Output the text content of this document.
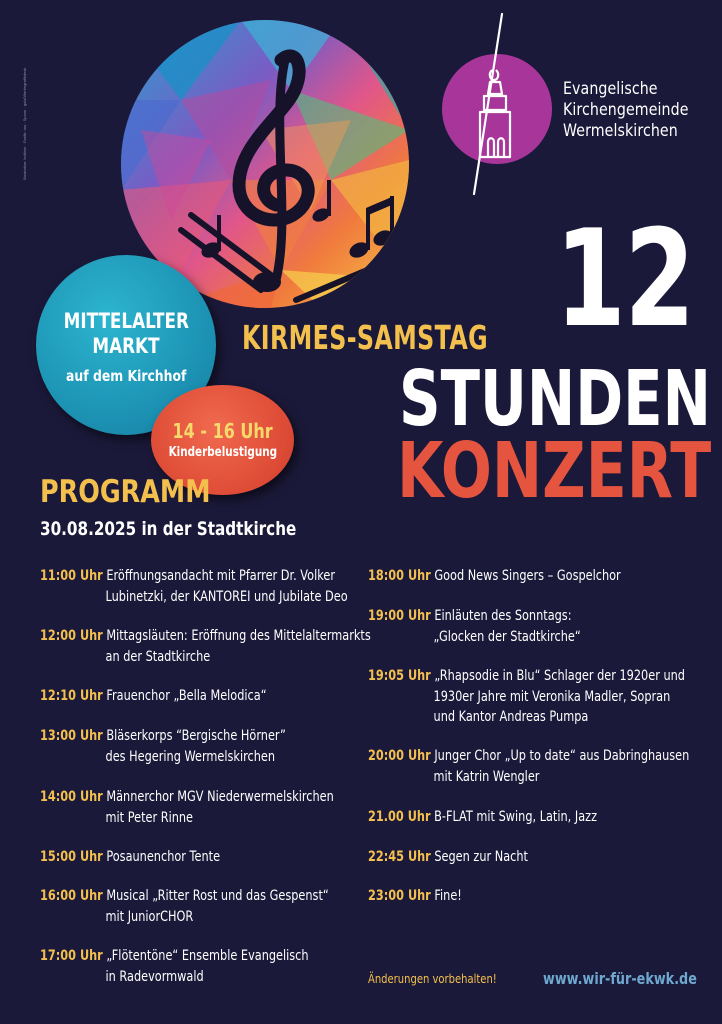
Illustration: kolibiro · Grafik: mu · Spoon · gold/Werbegrafikdesk	Evangelische
Kirchengemeinde
Wermelskirchen
12
KIRMES-SAMSTAG
STUNDEN
KONZERT
MITTELALTER
MARKT
auf dem Kirchhof
14 - 16 Uhr
Kinderbelustigung
PROGRAMM
30.08.2025 in der Stadtkirche
11:00 Uhr Eröffnungsandacht mit Pfarrer Dr. Volker
Lubinetzki, der KANTOREI und Jubilate Deo
12:00 Uhr Mittagsläuten: Eröffnung des Mittelaltermarkts
an der Stadtkirche
12:10 Uhr Frauenchor „Bella Melodica“
13:00 Uhr Bläserkorps “Bergische Hörner”
des Hegering Wermelskirchen
14:00 Uhr Männerchor MGV Niederwermelskirchen
mit Peter Rinne
15:00 Uhr Posaunenchor Tente
16:00 Uhr Musical „Ritter Rost und das Gespenst“
mit JuniorCHOR
17:00 Uhr „Flötentöne“ Ensemble Evangelisch
in Radevormwald
18:00 Uhr Good News Singers – Gospelchor
19:00 Uhr Einläuten des Sonntags:
„Glocken der Stadtkirche“
19:05 Uhr „Rhapsodie in Blu“ Schlager der 1920er und
1930er Jahre mit Veronika Madler, Sopran
und Kantor Andreas Pumpa
20:00 Uhr Junger Chor „Up to date“ aus Dabringhausen
mit Katrin Wengler
21.00 Uhr B-FLAT mit Swing, Latin, Jazz
22:45 Uhr Segen zur Nacht
23:00 Uhr Fine!
Änderungen vorbehalten!	www.wir-für-ekwk.de
